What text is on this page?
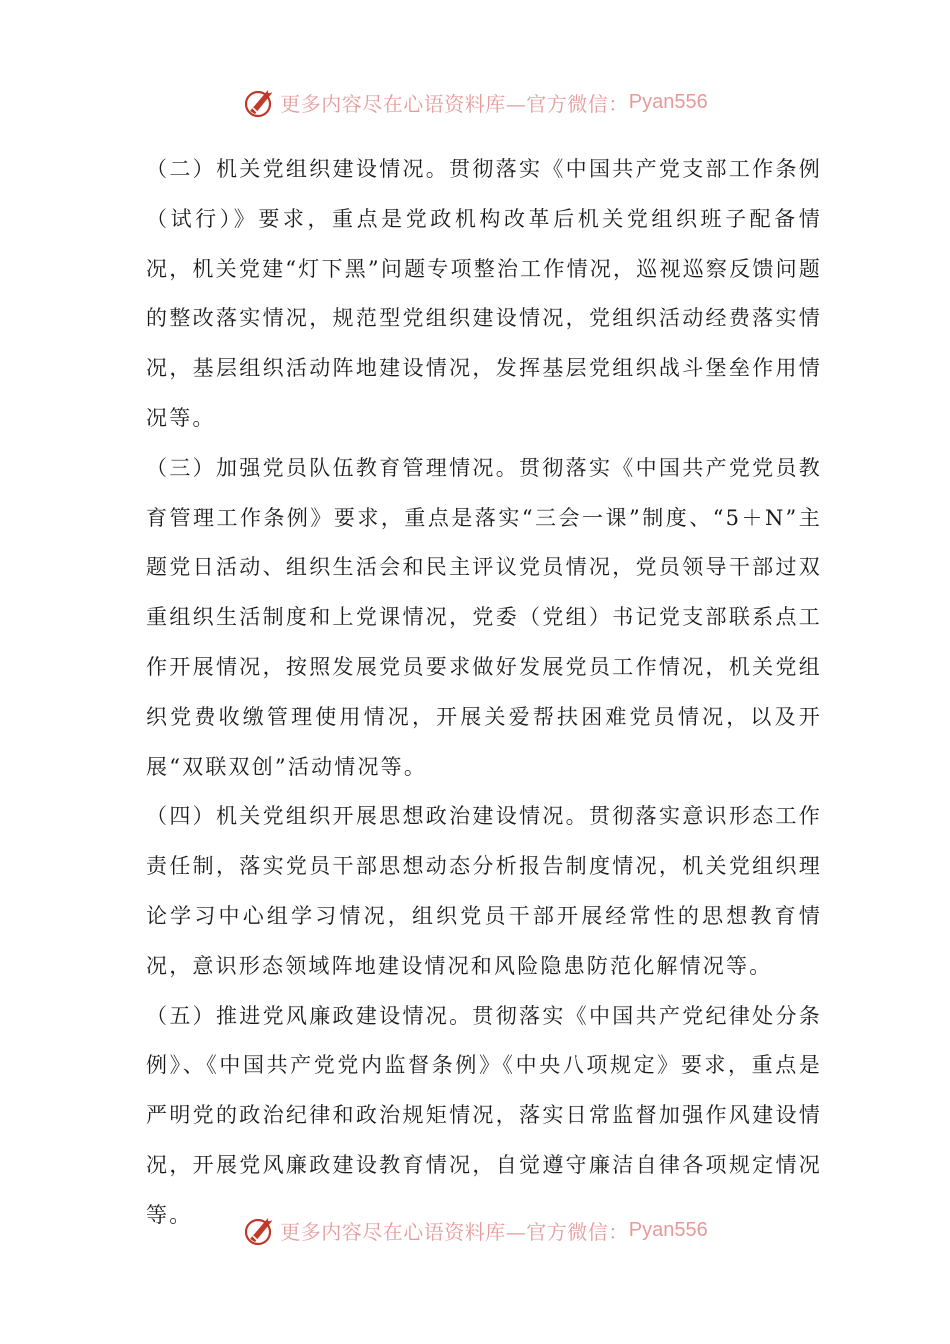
更多内容尽在心语资料库—官方微信： Pyan556

（二）机关党组织建设情况。贯彻落实《中国共产党支部工作条例（试行）》要求，重点是党政机构改革后机关党组织班子配备情况，机关党建“灯下黑”问题专项整治工作情况，巡视巡察反馈问题的整改落实情况，规范型党组织建设情况，党组织活动经费落实情况，基层组织活动阵地建设情况，发挥基层党组织战斗堡垒作用情况等。

（三）加强党员队伍教育管理情况。贯彻落实《中国共产党党员教育管理工作条例》要求，重点是落实“三会一课”制度、“5＋N”主题党日活动、组织生活会和民主评议党员情况，党员领导干部过双重组织生活制度和上党课情况，党委（党组）书记党支部联系点工作开展情况，按照发展党员要求做好发展党员工作情况，机关党组织党费收缴管理使用情况，开展关爱帮扶困难党员情况，以及开展“双联双创”活动情况等。

（四）机关党组织开展思想政治建设情况。贯彻落实意识形态工作责任制，落实党员干部思想动态分析报告制度情况，机关党组织理论学习中心组学习情况，组织党员干部开展经常性的思想教育情况，意识形态领域阵地建设情况和风险隐患防范化解情况等。

（五）推进党风廉政建设情况。贯彻落实《中国共产党纪律处分条例》、《中国共产党党内监督条例》《中央八项规定》要求，重点是严明党的政治纪律和政治规矩情况，落实日常监督加强作风建设情况，开展党风廉政建设教育情况，自觉遵守廉洁自律各项规定情况等。

更多内容尽在心语资料库—官方微信： Pyan556
